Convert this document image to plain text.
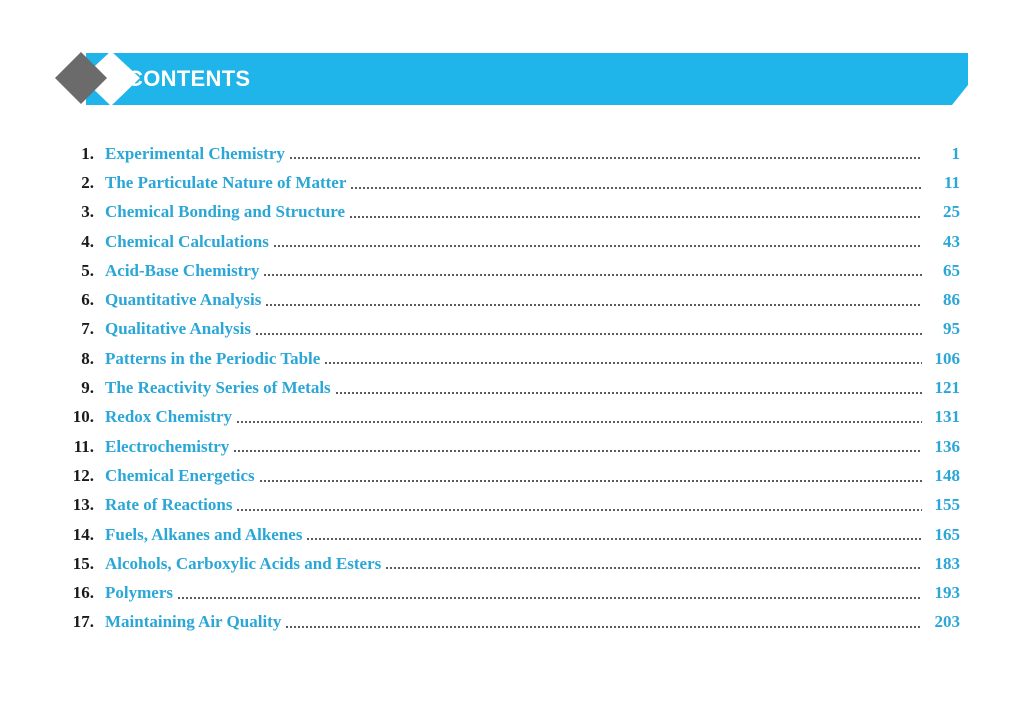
CONTENTS
1. Experimental Chemistry	1
2. The Particulate Nature of Matter	11
3. Chemical Bonding and Structure	25
4. Chemical Calculations	43
5. Acid-Base Chemistry	65
6. Quantitative Analysis	86
7. Qualitative Analysis	95
8. Patterns in the Periodic Table	106
9. The Reactivity Series of Metals	121
10. Redox Chemistry	131
11. Electrochemistry	136
12. Chemical Energetics	148
13. Rate of Reactions	155
14. Fuels, Alkanes and Alkenes	165
15. Alcohols, Carboxylic Acids and Esters	183
16. Polymers	193
17. Maintaining Air Quality	203
